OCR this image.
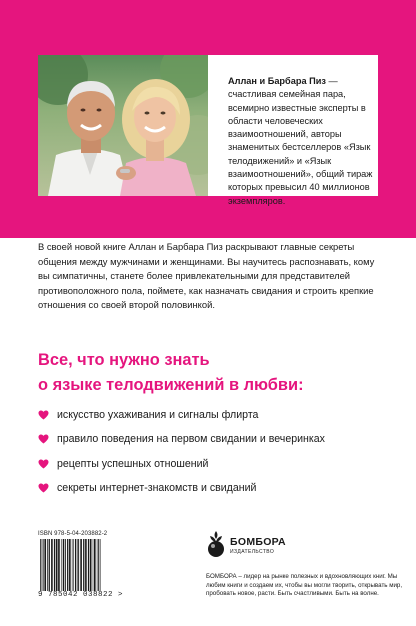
Аллан и Барбара Пиз — счастливая семейная пара, всемирно известные эксперты в области человеческих взаимоотношений, авторы знаменитых бестселлеров «Язык телодвижений» и «Язык взаимоотношений», общий тираж которых превысил 40 миллионов экземпляров.

В своей новой книге Аллан и Барбара Пиз раскрывают главные секреты общения между мужчинами и женщинами. Вы научитесь распознавать, кому вы симпатичны, станете более привлекательными для представителей противоположного пола, поймете, как назначать свидания и строить крепкие отношения со своей второй половинкой.

Все, что нужно знать
о языке телодвижений в любви:
искусство ухаживания и сигналы флирта
правило поведения на первом свидании и вечеринках
рецепты успешных отношений
секреты интернет-знакомств и свиданий
ISBN 978-5-04-203882-2
9 785042 038822 >
БОМБОРА
ИЗДАТЕЛЬСТВО
БОМБОРА – лидер на рынке полезных и вдохновляющих книг. Мы любим книги и создаем их, чтобы вы могли творить, открывать мир, пробовать новое, расти. Быть счастливыми. Быть на волне.
